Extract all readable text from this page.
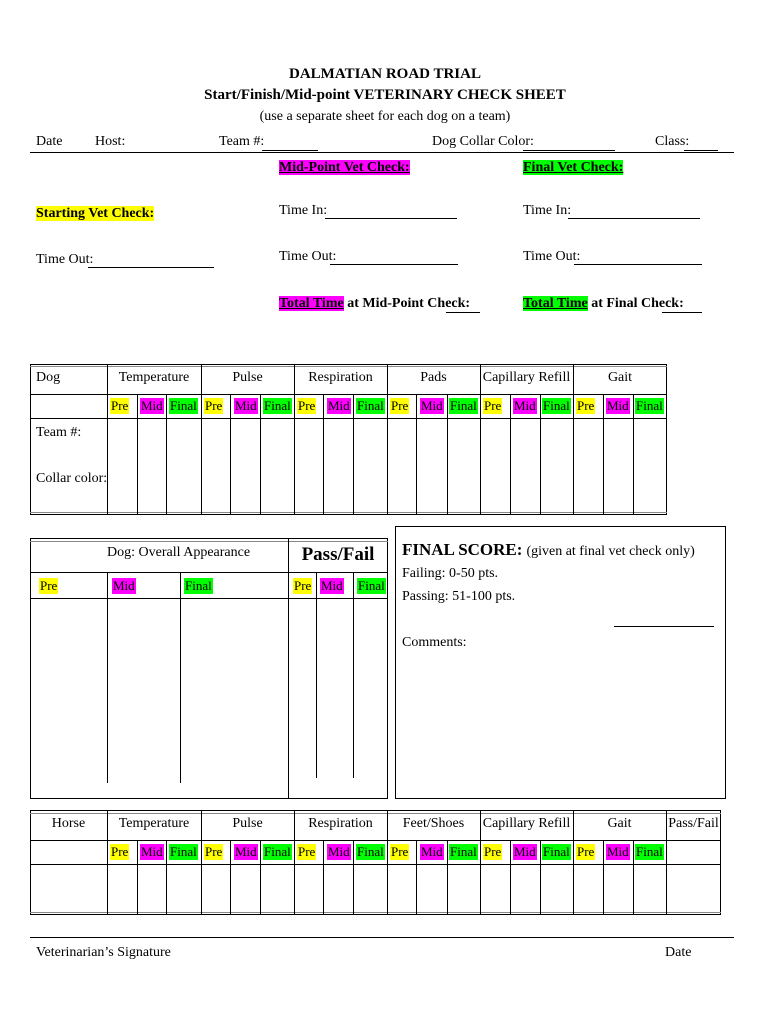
DALMATIAN ROAD TRIAL
Start/Finish/Mid-point VETERINARY CHECK SHEET
(use a separate sheet for each dog on a team)
Date Host:	Team #:	Dog Collar Color:	Class:
Mid-Point Vet Check:	Final Vet Check:
Starting Vet Check:	Time In:	Time In:
Time Out:	Time Out:	Time Out:
Total Time at Mid-Point Check:	Total Time at Final Check:
Dog	Temperature	Pulse	Respiration	Pads	Capillary Refill	Gait
Pre Mid Final Pre Mid Final Pre Mid Final Pre Mid Final Pre Mid Final Pre Mid Final
Team #:
Collar color:
Dog: Overall Appearance	Pass/Fail
Pre	Mid	Final	Pre Mid Final
FINAL SCORE: (given at final vet check only)
Failing: 0-50 pts.
Passing: 51-100 pts.
Comments:
Horse	Temperature	Pulse	Respiration	Feet/Shoes	Capillary Refill	Gait	Pass/Fail
Pre Mid Final Pre Mid Final Pre Mid Final Pre Mid Final Pre Mid Final Pre Mid Final
Veterinarian’s Signature	Date
